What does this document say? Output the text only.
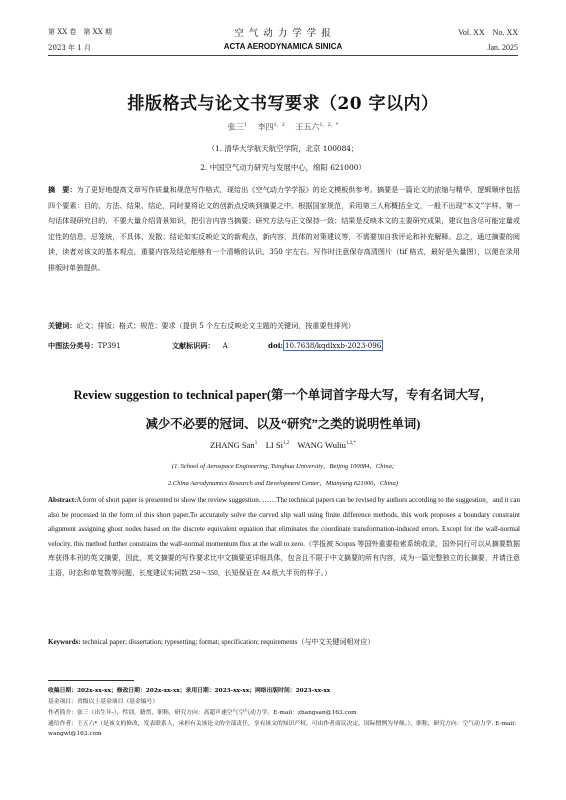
第 XX 卷　第 XX 期	空 气 动 力 学 学 报	Vol. XX　No. XX
2023 年 1 月	ACTA AERODYNAMICA SINICA	Jan. 2025
排版格式与论文书写要求（20 字以内）
张三$^1$　 李四$^{1,2}$　 王五六$^{1,2,*}$
（1. 清华大学航天航空学院，北京 100084；
2. 中国空气动力研究与发展中心，绵阳 621000）
摘　要：为了更好地提高文章写作质量和规范写作格式，现给出《空气动力学学报》的论文模板供参考。摘要是一篇论文的浓缩与精华，逻辑顺序包括四个要素：目的、方法、结果、结论，同时要将论文的创新点反映到摘要之中。根据国家规范，采用第三人称概括全文，一般不出现“本文”字样。第一句话体现研究目的，不要大量介绍背景知识，把引言内容当摘要；研究方法与正文保持一致；结果是反映本文的主要研究成果，建议包含尽可能定量或定性的信息，忌笼统，不具体，发散；结论如实反映论文的新观点，新内容，具体的对策建议等，不需要加自我评论和补充解释。总之，通过摘要的阅读，读者对该文的基本观点，重要内容及结论能够有一个清晰的认识，350 字左右。写作时注意保存高清图片（tif 格式，最好是矢量图），以便在录用排版时单独提供。
关键词：论文；排版；格式；规范；要求（提供 5 个左右反映论文主题的关键词，按重要性排列）
中图法分类号：TP391	文献标识码： A	doi: 10.7638/kqdlxxb-2023-096
Review suggestion to technical paper(第一个单词首字母大写，专有名词大写，
减少不必要的冠词、以及“研究”之类的说明性单词)
ZHANG San$^1$ LI Si$^{1,2}$ WANG Wuliu$^{1,2,*}$
(1. School of Aerospace Engineering, Tsinghua University，Beijing 100084，China;
2.China Aerodynamics Research and Development Center，Mianyang 621000，China)
Abstract:A form of short paper is presented to show the review suggestion. ……The technical papers can be revised by authors according to the suggestion，and it can also be processed in the form of this short paper.To accurately solve the curved slip wall using finite difference methods, this work proposes a boundary constraint alignment assigning ghost nodes based on the discrete equivalent equation that eliminates the coordinate transformation-induced errors. Except for the wall-normal velocity, this method further constrains the wall-normal momentum flux at the wall to zero.（学报被 Scopus 等国外重要检索系统收录，国外同行可以从摘要数据库获得本刊的英文摘要，因此，英文摘要的写作要求比中文摘要更详细具体，包含且不限于中文摘要的所有内容，成为一篇完整独立的长摘要，并请注意主语，时态和单复数等问题，长度建议实词数 250～350，长短保证在 A4 纸大半页的样子。）
Keywords: technical paper; dissertation; typesetting; format; specification; requirements（与中文关键词相对应）
收稿日期：202x-xx-xx；修改日期：202x-xx-xx；录用日期：2023-xx-xx；网络出版时间：2023-xx-xx
基金项目：省级以上基金项目（基金编号）
作者简介：张三（出生年-），性别，籍贯，职称，研究方向：高超声速空气空气动力学。E-mail：zhangsan@163.com
通信作者：王五六*（是该文的修改，发表联系人，承担有关该论文的全部责任，享有该文的知识产权，可由作者商议决定，国际惯例为导师。），职称，研究方向：空气动力学. E-mail: wangwl@163.com
